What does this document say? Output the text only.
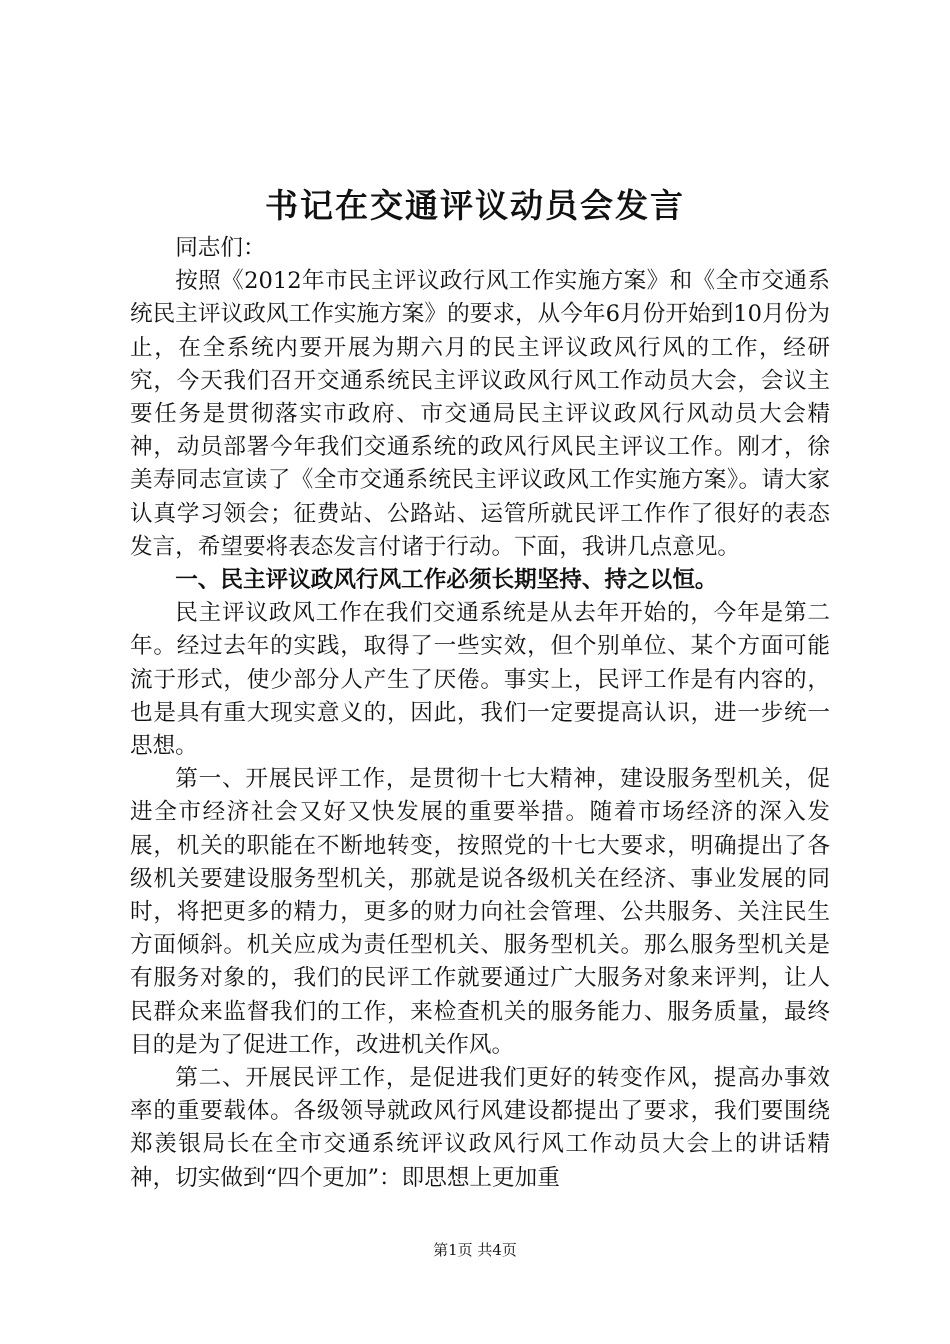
书记在交通评议动员会发言

同志们：

按照《2012年市民主评议政行风工作实施方案》和《全市交通系统民主评议政风工作实施方案》的要求，从今年6月份开始到10月份为止，在全系统内要开展为期六月的民主评议政风行风的工作，经研究，今天我们召开交通系统民主评议政风行风工作动员大会，会议主要任务是贯彻落实市政府、市交通局民主评议政风行风动员大会精神，动员部署今年我们交通系统的政风行风民主评议工作。刚才，徐美寿同志宣读了《全市交通系统民主评议政风工作实施方案》。请大家认真学习领会；征费站、公路站、运管所就民评工作作了很好的表态发言，希望要将表态发言付诸于行动。下面，我讲几点意见。

一、民主评议政风行风工作必须长期坚持、持之以恒。

民主评议政风工作在我们交通系统是从去年开始的，今年是第二年。经过去年的实践，取得了一些实效，但个别单位、某个方面可能流于形式，使少部分人产生了厌倦。事实上，民评工作是有内容的，也是具有重大现实意义的，因此，我们一定要提高认识，进一步统一思想。

第一、开展民评工作，是贯彻十七大精神，建设服务型机关，促进全市经济社会又好又快发展的重要举措。随着市场经济的深入发展，机关的职能在不断地转变，按照党的十七大要求，明确提出了各级机关要建设服务型机关，那就是说各级机关在经济、事业发展的同时，将把更多的精力，更多的财力向社会管理、公共服务、关注民生方面倾斜。机关应成为责任型机关、服务型机关。那么服务型机关是有服务对象的，我们的民评工作就要通过广大服务对象来评判，让人民群众来监督我们的工作，来检查机关的服务能力、服务质量，最终目的是为了促进工作，改进机关作风。

第二、开展民评工作，是促进我们更好的转变作风，提高办事效率的重要载体。各级领导就政风行风建设都提出了要求，我们要围绕郑羡银局长在全市交通系统评议政风行风工作动员大会上的讲话精神，切实做到“四个更加”：即思想上更加重

第1页 共4页
